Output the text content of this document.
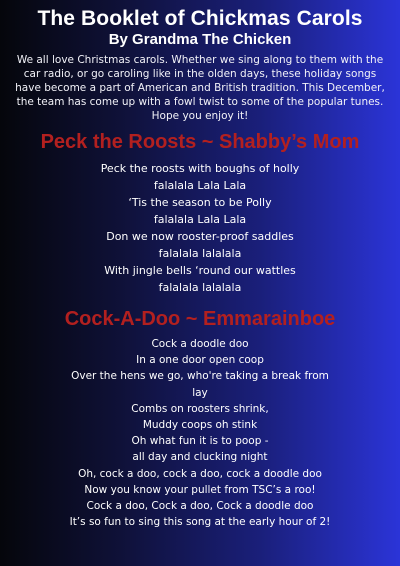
The Booklet of Chickmas Carols
By Grandma The Chicken

We all love Christmas carols. Whether we sing along to them with the car radio, or go caroling like in the olden days, these holiday songs have become a part of American and British tradition. This December, the team has come up with a fowl twist to some of the popular tunes. Hope you enjoy it!

Peck the Roosts ~ Shabby’s Mom
Peck the roosts with boughs of holly
falalala Lala Lala
‘Tis the season to be Polly
falalala Lala Lala
Don we now rooster-proof saddles
falalala lalalala
With jingle bells ‘round our wattles
falalala lalalala
Cock-A-Doo ~ Emmarainboe
Cock a doodle doo
In a one door open coop
Over the hens we go, who're taking a break from
lay
Combs on roosters shrink,
Muddy coops oh stink
Oh what fun it is to poop -
all day and clucking night
Oh, cock a doo, cock a doo, cock a doodle doo
Now you know your pullet from TSC’s a roo!
Cock a doo, Cock a doo, Cock a doodle doo
It’s so fun to sing this song at the early hour of 2!
